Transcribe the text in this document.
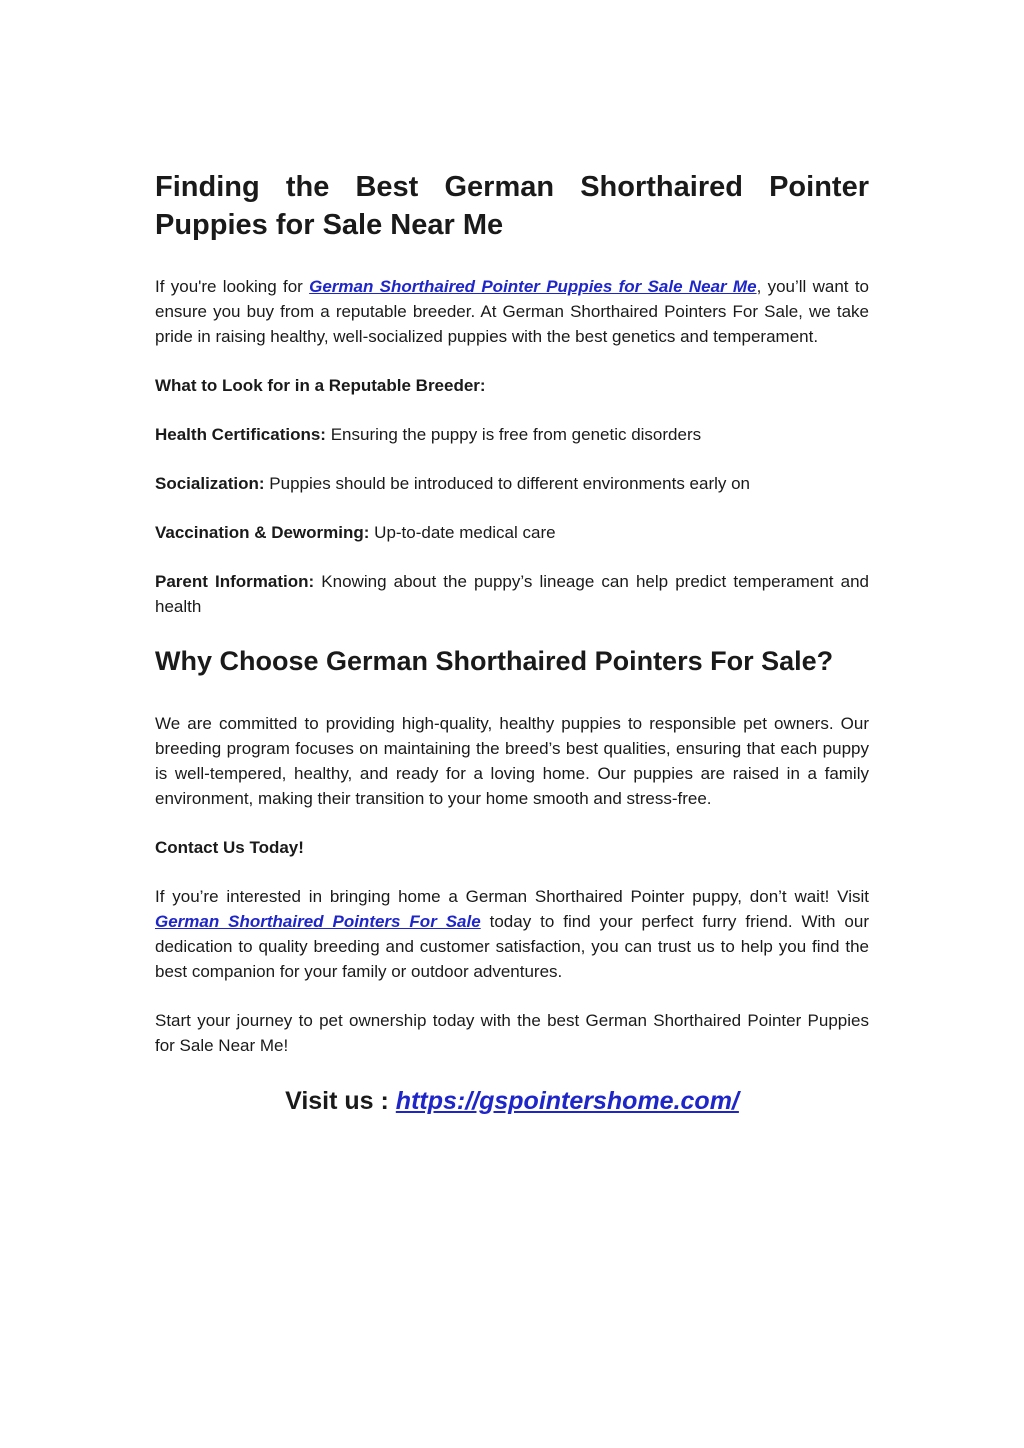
Finding the Best German Shorthaired Pointer Puppies for Sale Near Me

If you're looking for German Shorthaired Pointer Puppies for Sale Near Me, you’ll want to ensure you buy from a reputable breeder. At German Shorthaired Pointers For Sale, we take pride in raising healthy, well-socialized puppies with the best genetics and temperament.

What to Look for in a Reputable Breeder:

Health Certifications: Ensuring the puppy is free from genetic disorders

Socialization: Puppies should be introduced to different environments early on

Vaccination & Deworming: Up-to-date medical care

Parent Information: Knowing about the puppy’s lineage can help predict temperament and health

Why Choose German Shorthaired Pointers For Sale?

We are committed to providing high-quality, healthy puppies to responsible pet owners. Our breeding program focuses on maintaining the breed’s best qualities, ensuring that each puppy is well-tempered, healthy, and ready for a loving home. Our puppies are raised in a family environment, making their transition to your home smooth and stress-free.

Contact Us Today!

If you’re interested in bringing home a German Shorthaired Pointer puppy, don’t wait! Visit German Shorthaired Pointers For Sale today to find your perfect furry friend. With our dedication to quality breeding and customer satisfaction, you can trust us to help you find the best companion for your family or outdoor adventures.

Start your journey to pet ownership today with the best German Shorthaired Pointer Puppies for Sale Near Me!

Visit us : https://gspointershome.com/
